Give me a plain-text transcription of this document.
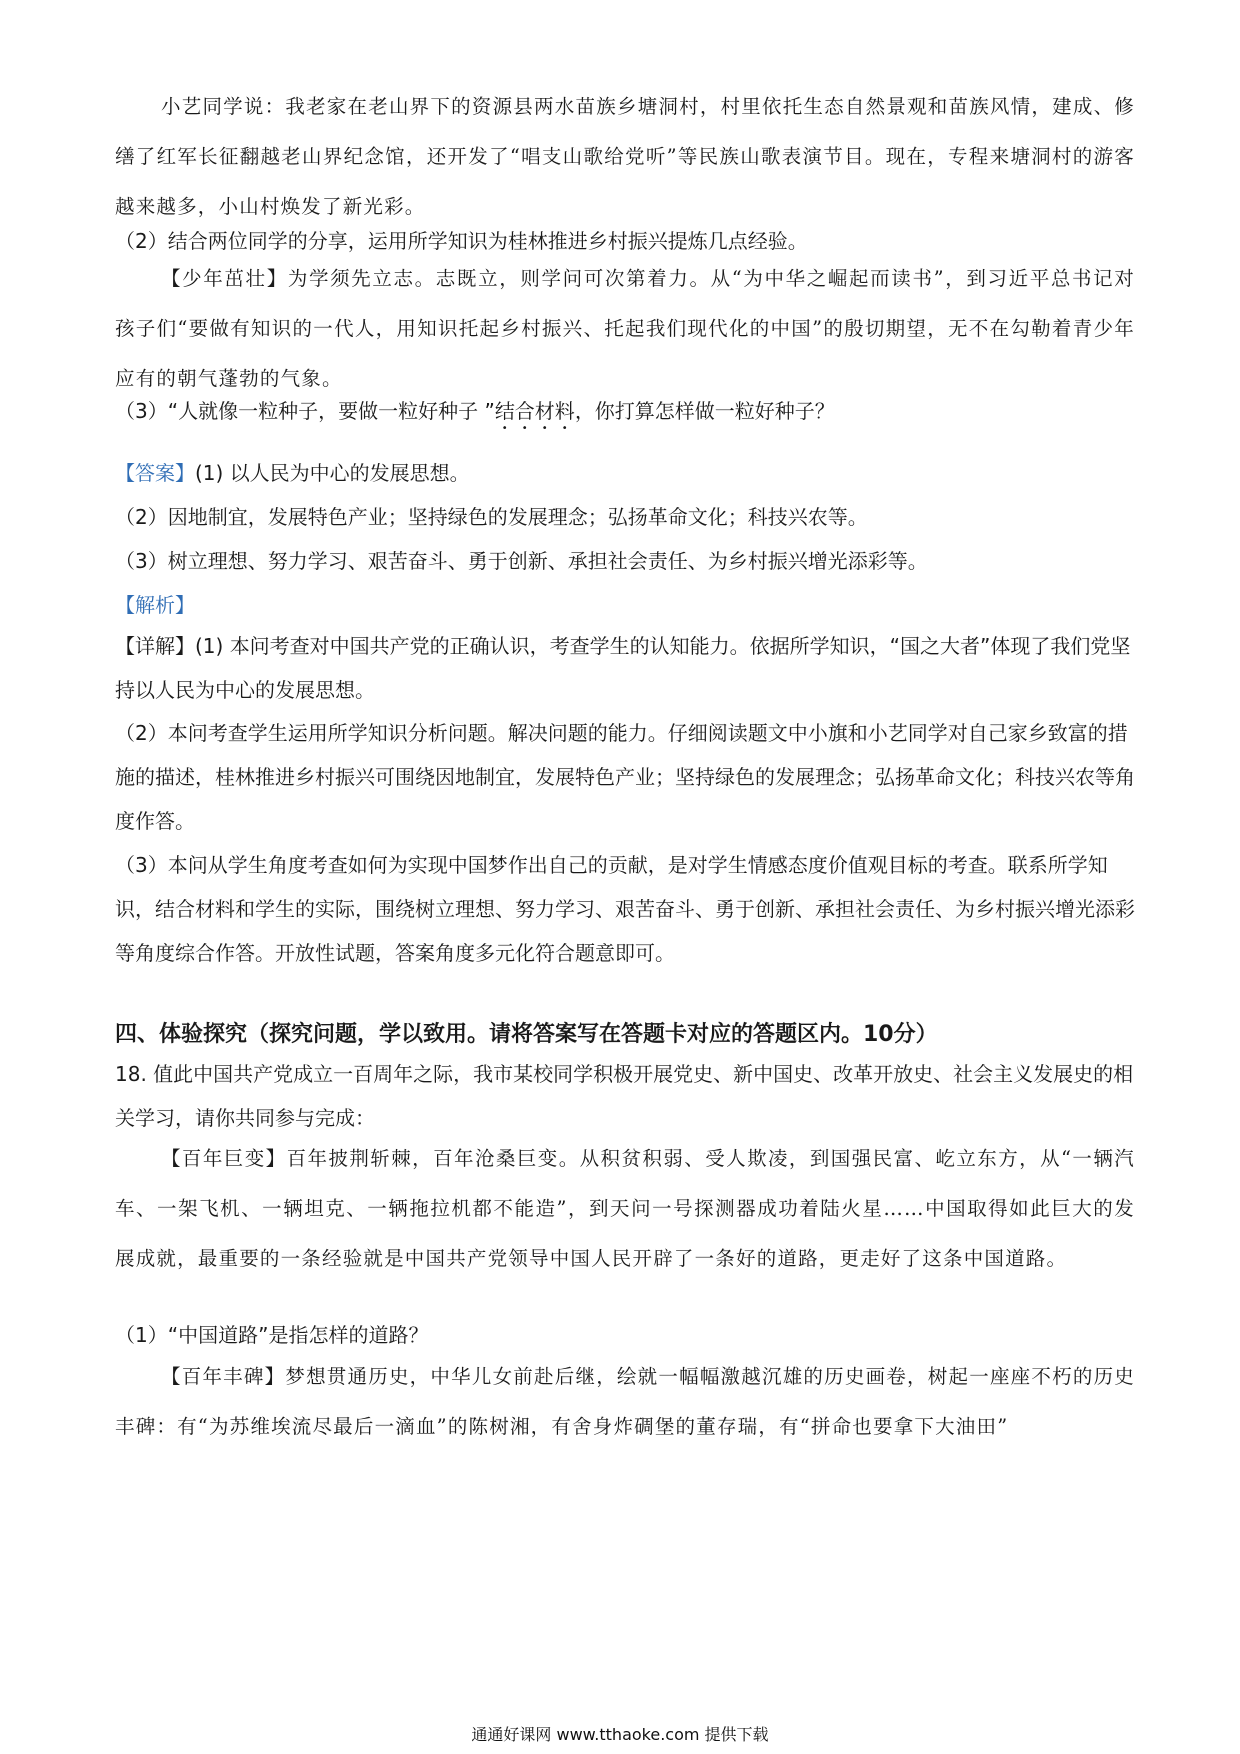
小艺同学说：我老家在老山界下的资源县两水苗族乡塘洞村，村里依托生态自然景观和苗族风情，建成、修缮了红军长征翻越老山界纪念馆，还开发了“唱支山歌给党听”等民族山歌表演节目。现在，专程来塘洞村的游客越来越多，小山村焕发了新光彩。

（2）结合两位同学的分享，运用所学知识为桂林推进乡村振兴提炼几点经验。

【少年茁壮】为学须先立志。志既立，则学问可次第着力。从“为中华之崛起而读书”，到习近平总书记对孩子们“要做有知识的一代人，用知识托起乡村振兴、托起我们现代化的中国”的殷切期望，无不在勾勒着青少年应有的朝气蓬勃的气象。

（3）“人就像一粒种子，要做一粒好种子 ”结合材料，你打算怎样做一粒好种子？

【答案】(1) 以人民为中心的发展思想。

（2）因地制宜，发展特色产业；坚持绿色的发展理念；弘扬革命文化；科技兴农等。

（3）树立理想、努力学习、艰苦奋斗、勇于创新、承担社会责任、为乡村振兴增光添彩等。

【解析】

【详解】(1) 本问考查对中国共产党的正确认识，考查学生的认知能力。依据所学知识，“国之大者”体现了我们党坚持以人民为中心的发展思想。

（2）本问考查学生运用所学知识分析问题。解决问题的能力。仔细阅读题文中小旗和小艺同学对自己家乡致富的措施的描述，桂林推进乡村振兴可围绕因地制宜，发展特色产业；坚持绿色的发展理念；弘扬革命文化；科技兴农等角度作答。

（3）本问从学生角度考查如何为实现中国梦作出自己的贡献，是对学生情感态度价值观目标的考查。联系所学知识，结合材料和学生的实际，围绕树立理想、努力学习、艰苦奋斗、勇于创新、承担社会责任、为乡村振兴增光添彩等角度综合作答。开放性试题，答案角度多元化符合题意即可。

四、体验探究（探究问题，学以致用。请将答案写在答题卡对应的答题区内。10分）

18. 值此中国共产党成立一百周年之际，我市某校同学积极开展党史、新中国史、改革开放史、社会主义发展史的相关学习，请你共同参与完成：

【百年巨变】百年披荆斩棘，百年沧桑巨变。从积贫积弱、受人欺凌，到国强民富、屹立东方，从“一辆汽车、一架飞机、一辆坦克、一辆拖拉机都不能造”，到天问一号探测器成功着陆火星……中国取得如此巨大的发展成就，最重要的一条经验就是中国共产党领导中国人民开辟了一条好的道路，更走好了这条中国道路。

（1）“中国道路”是指怎样的道路？

【百年丰碑】梦想贯通历史，中华儿女前赴后继，绘就一幅幅激越沉雄的历史画卷，树起一座座不朽的历史丰碑：有“为苏维埃流尽最后一滴血”的陈树湘，有舍身炸碉堡的董存瑞，有“拼命也要拿下大油田”

通通好课网 www.tthaoke.com 提供下载
